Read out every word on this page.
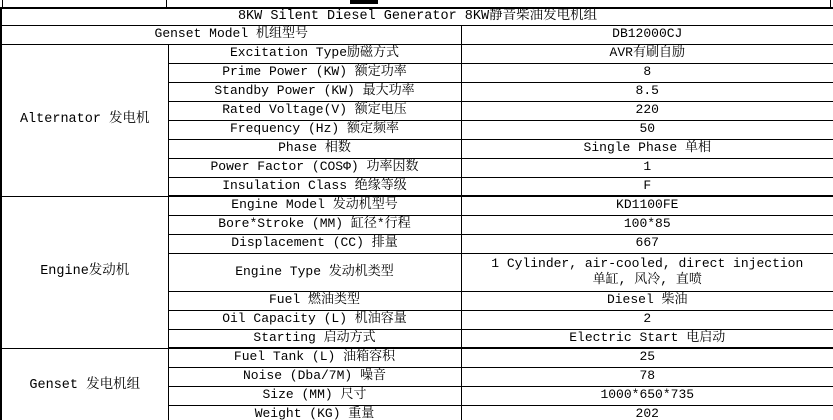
8KW Silent Diesel Generator 8KW静音柴油发电机组		
Genset Model 机组型号		DB12000CJ
Alternator 发电机	Excitation Type励磁方式	AVR有刷自励
	Prime Power (KW) 额定功率	8
	Standby Power (KW) 最大功率	8.5
	Rated Voltage(V) 额定电压	220
	Frequency (Hz) 额定频率	50
	Phase 相数	Single Phase 单相
	Power Factor (COSΦ) 功率因数	1
	Insulation Class 绝缘等级	F
Engine发动机	Engine Model 发动机型号	KD1100FE
	Bore*Stroke (MM) 缸径*行程	100*85
	Displacement (CC) 排量	667
	Engine Type 发动机类型	1 Cylinder, air-cooled, direct injection
单缸, 风冷, 直喷

	Fuel 燃油类型	Diesel 柴油
	Oil Capacity (L) 机油容量	2
	Starting 启动方式	Electric Start 电启动
Genset 发电机组	Fuel Tank (L) 油箱容积	25
	Noise (Dba/7M) 噪音	78
	Size (MM) 尺寸	1000*650*735
	Weight (KG) 重量	202
